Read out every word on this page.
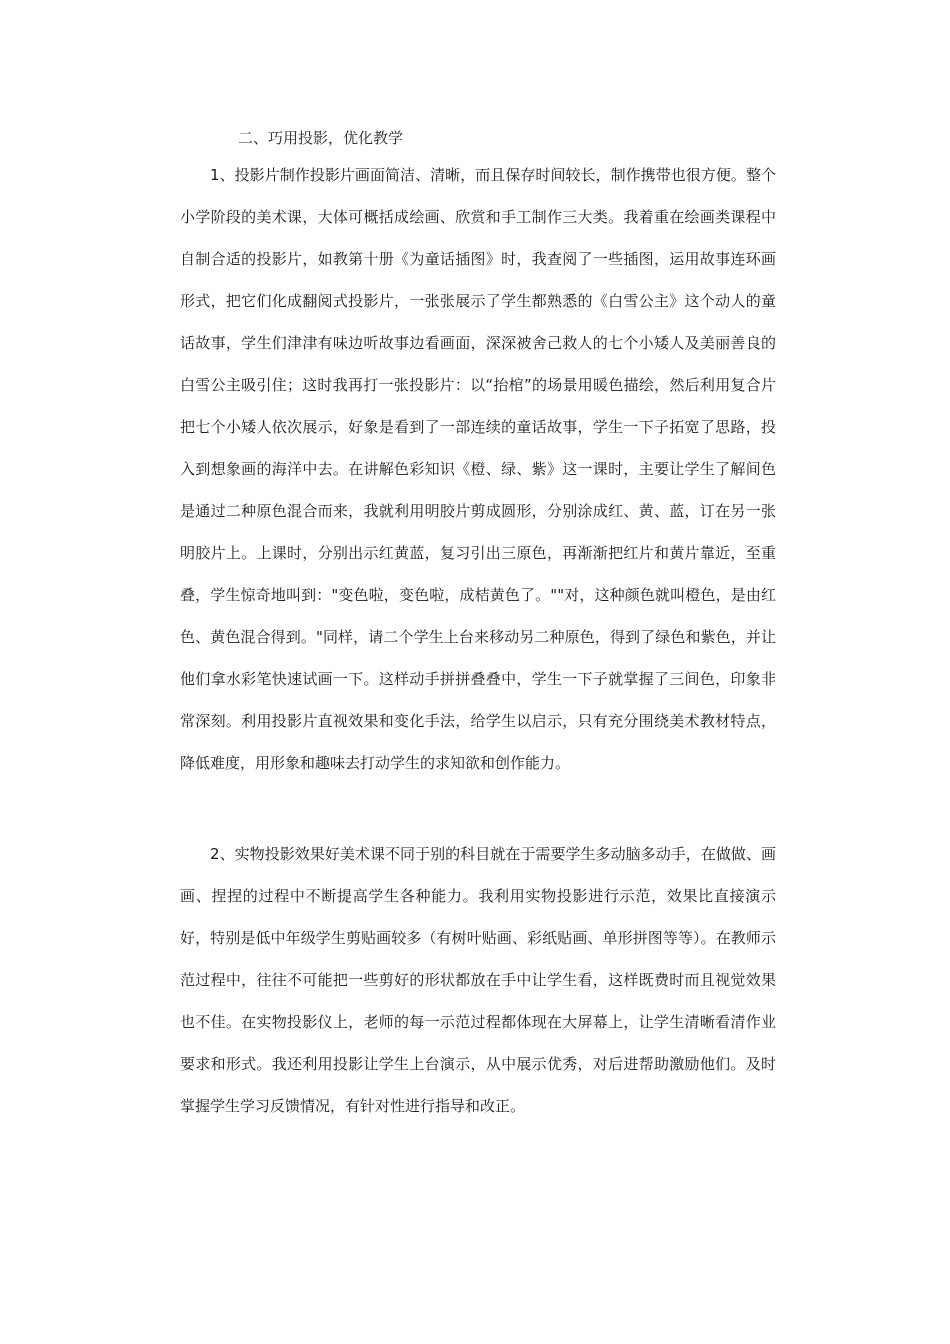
二、巧用投影，优化教学

1、投影片制作投影片画面简洁、清晰，而且保存时间较长，制作携带也很方便。整个小学阶段的美术课，大体可概括成绘画、欣赏和手工制作三大类。我着重在绘画类课程中自制合适的投影片，如教第十册《为童话插图》时，我查阅了一些插图，运用故事连环画形式，把它们化成翻阅式投影片，一张张展示了学生都熟悉的《白雪公主》这个动人的童话故事，学生们津津有味边听故事边看画面，深深被舍己救人的七个小矮人及美丽善良的白雪公主吸引住；这时我再打一张投影片：以“抬棺”的场景用暖色描绘，然后利用复合片把七个小矮人依次展示，好象是看到了一部连续的童话故事，学生一下子拓宽了思路，投入到想象画的海洋中去。在讲解色彩知识《橙、绿、紫》这一课时，主要让学生了解间色是通过二种原色混合而来，我就利用明胶片剪成圆形，分别涂成红、黄、蓝，订在另一张明胶片上。上课时，分别出示红黄蓝，复习引出三原色，再渐渐把红片和黄片靠近，至重叠，学生惊奇地叫到："变色啦，变色啦，成桔黄色了。""对，这种颜色就叫橙色，是由红色、黄色混合得到。"同样，请二个学生上台来移动另二种原色，得到了绿色和紫色，并让他们拿水彩笔快速试画一下。这样动手拼拼叠叠中，学生一下子就掌握了三间色，印象非常深刻。利用投影片直视效果和变化手法，给学生以启示，只有充分围绕美术教材特点，降低难度，用形象和趣味去打动学生的求知欲和创作能力。

2、实物投影效果好美术课不同于别的科目就在于需要学生多动脑多动手，在做做、画画、捏捏的过程中不断提高学生各种能力。我利用实物投影进行示范，效果比直接演示好，特别是低中年级学生剪贴画较多（有树叶贴画、彩纸贴画、单形拼图等等）。在教师示范过程中，往往不可能把一些剪好的形状都放在手中让学生看，这样既费时而且视觉效果也不佳。在实物投影仪上，老师的每一示范过程都体现在大屏幕上，让学生清晰看清作业要求和形式。我还利用投影让学生上台演示，从中展示优秀，对后进帮助激励他们。及时掌握学生学习反馈情况，有针对性进行指导和改正。
